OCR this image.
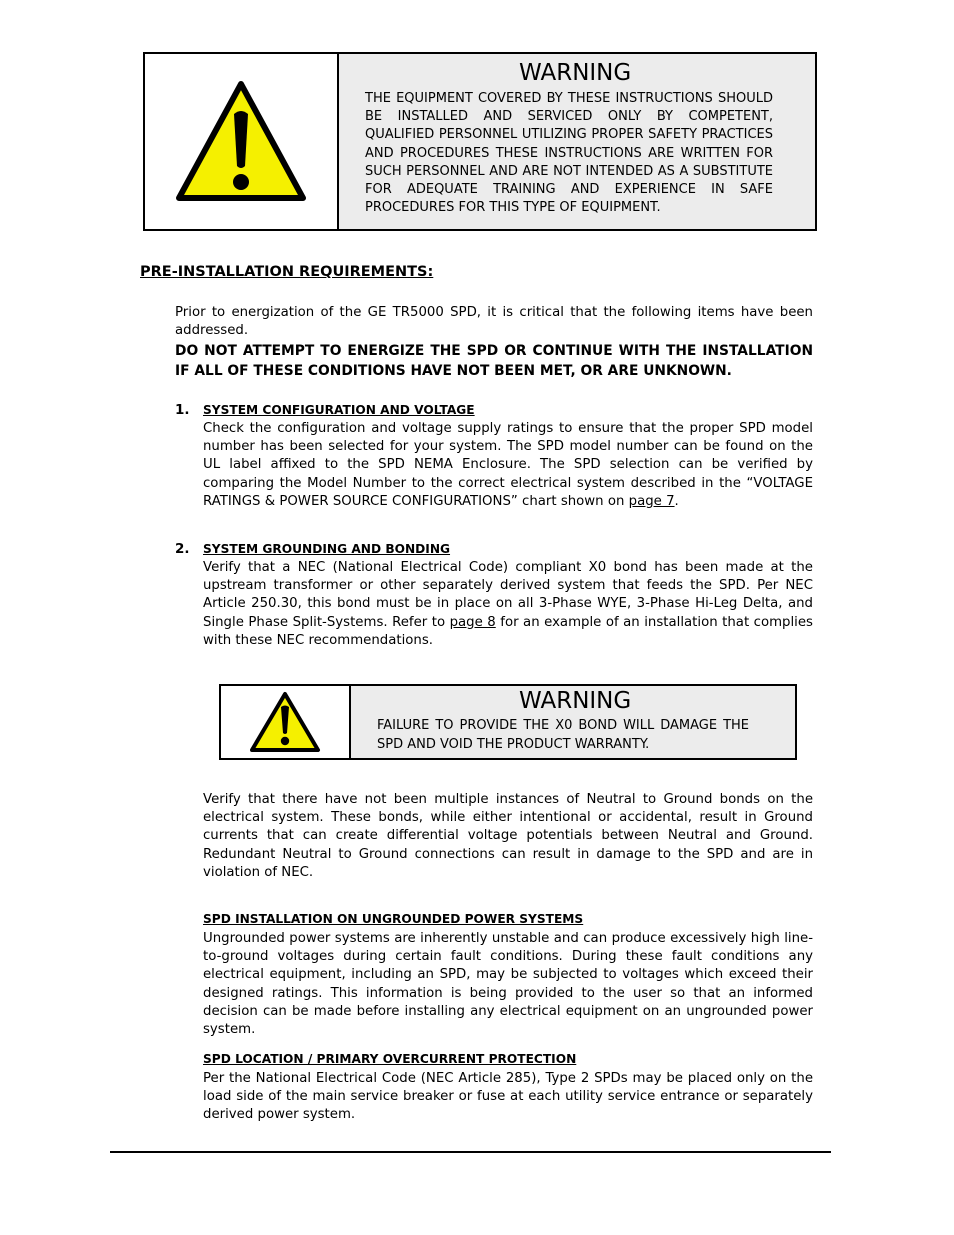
WARNING
THE EQUIPMENT COVERED BY THESE INSTRUCTIONS SHOULD BE INSTALLED AND SERVICED ONLY BY COMPETENT, QUALIFIED PERSONNEL UTILIZING PROPER SAFETY PRACTICES AND PROCEDURES THESE INSTRUCTIONS ARE WRITTEN FOR SUCH PERSONNEL AND ARE NOT INTENDED AS A SUBSTITUTE FOR ADEQUATE TRAINING AND EXPERIENCE IN SAFE PROCEDURES FOR THIS TYPE OF EQUIPMENT.
PRE-INSTALLATION REQUIREMENTS:
Prior to energization of the GE TR5000 SPD, it is critical that the following items have been addressed.
DO NOT ATTEMPT TO ENERGIZE THE SPD OR CONTINUE WITH THE INSTALLATION IF ALL OF THESE CONDITIONS HAVE NOT BEEN MET, OR ARE UNKNOWN.
1. SYSTEM CONFIGURATION AND VOLTAGE
Check the configuration and voltage supply ratings to ensure that the proper SPD model number has been selected for your system. The SPD model number can be found on the UL label affixed to the SPD NEMA Enclosure. The SPD selection can be verified by comparing the Model Number to the correct electrical system described in the “VOLTAGE RATINGS & POWER SOURCE CONFIGURATIONS” chart shown on page 7.
2. SYSTEM GROUNDING AND BONDING
Verify that a NEC (National Electrical Code) compliant X0 bond has been made at the upstream transformer or other separately derived system that feeds the SPD. Per NEC Article 250.30, this bond must be in place on all 3-Phase WYE, 3-Phase Hi-Leg Delta, and Single Phase Split-Systems. Refer to page 8 for an example of an installation that complies with these NEC recommendations.
WARNING
FAILURE TO PROVIDE THE X0 BOND WILL DAMAGE THE SPD AND VOID THE PRODUCT WARRANTY.
Verify that there have not been multiple instances of Neutral to Ground bonds on the electrical system. These bonds, while either intentional or accidental, result in Ground currents that can create differential voltage potentials between Neutral and Ground. Redundant Neutral to Ground connections can result in damage to the SPD and are in violation of NEC.
SPD INSTALLATION ON UNGROUNDED POWER SYSTEMS
Ungrounded power systems are inherently unstable and can produce excessively high line-to-ground voltages during certain fault conditions. During these fault conditions any electrical equipment, including an SPD, may be subjected to voltages which exceed their designed ratings. This information is being provided to the user so that an informed decision can be made before installing any electrical equipment on an ungrounded power system.
SPD LOCATION / PRIMARY OVERCURRENT PROTECTION
Per the National Electrical Code (NEC Article 285), Type 2 SPDs may be placed only on the load side of the main service breaker or fuse at each utility service entrance or separately derived power system.
